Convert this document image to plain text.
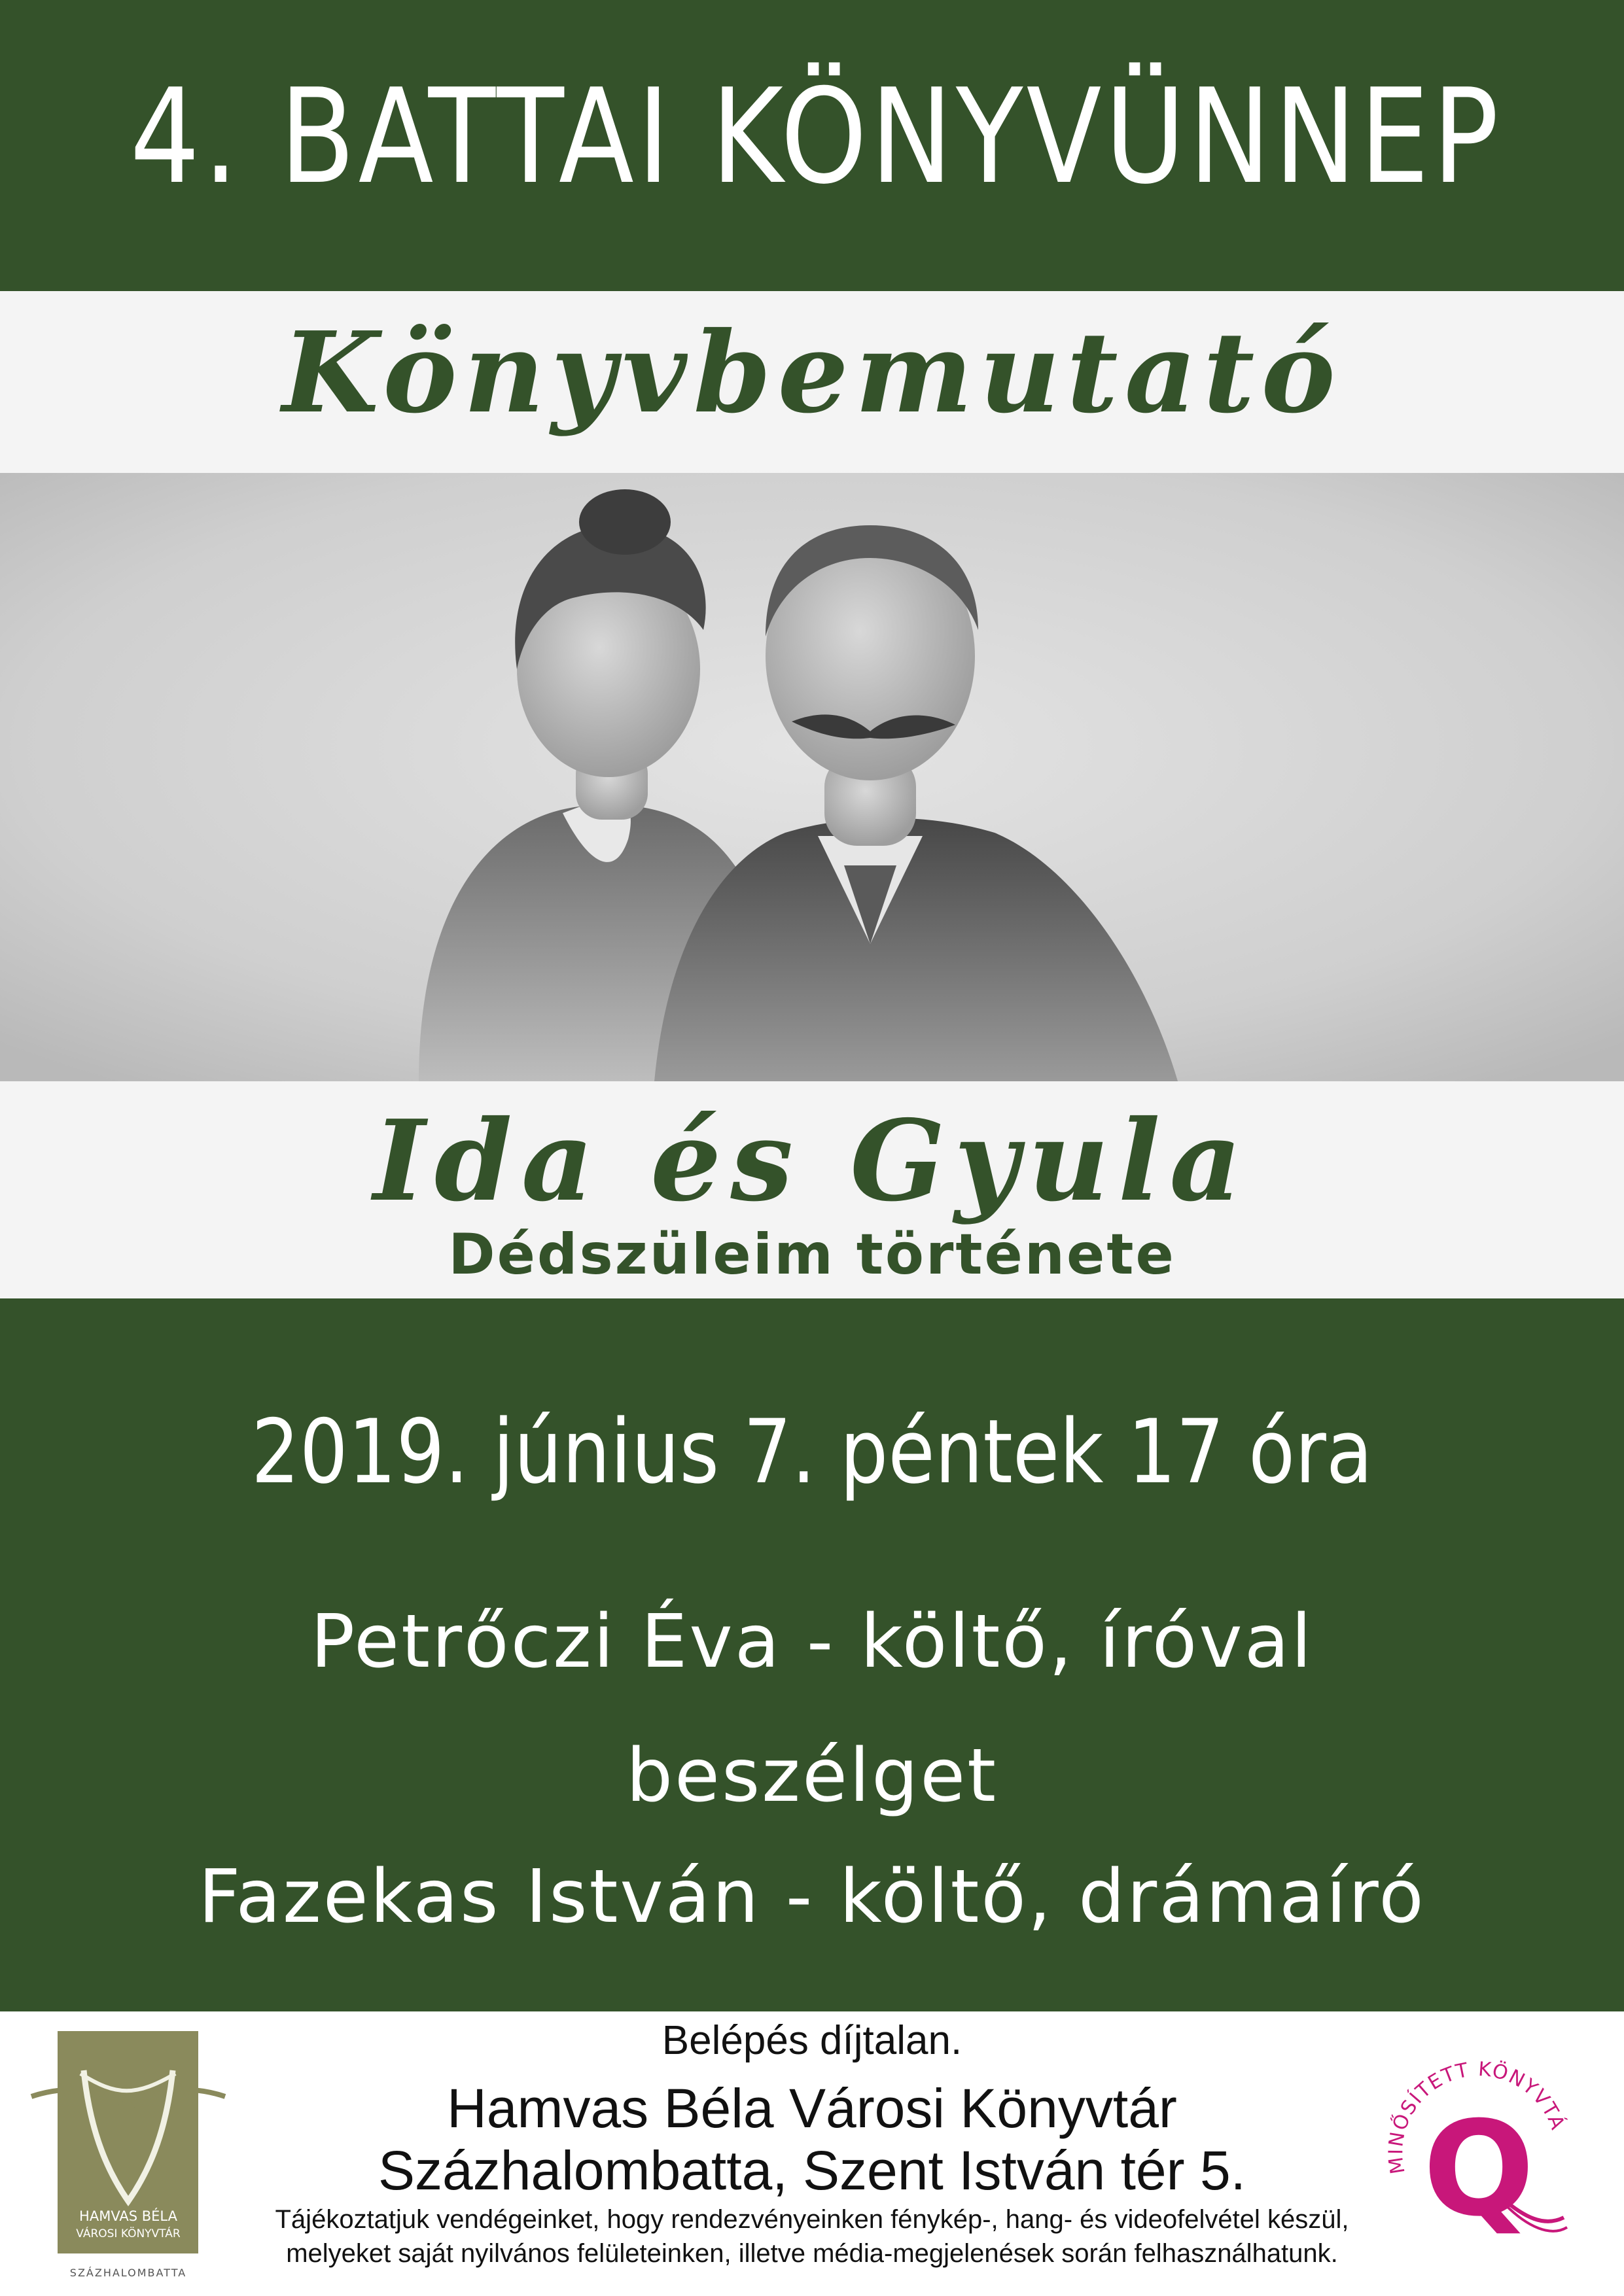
4. BATTAI KÖNYVÜNNEP
Könyvbemutató
Ida és Gyula
Dédszüleim története
2019. június 7. péntek 17 óra
Petrőczi Éva - költő, íróval
beszélget
Fazekas István - költő, drámaíró
HAMVAS BÉLA
VÁROSI KÖNYVTÁR
SZÁZHALOMBATTA
Belépés díjtalan.
Hamvas Béla Városi Könyvtár
Százhalombatta, Szent István tér 5.
Tájékoztatjuk vendégeinket, hogy rendezvényeinken fénykép-, hang- és videofelvétel készül,
melyeket saját nyilvános felületeinken, illetve média-megjelenések során felhasználhatunk.
MINŐSÍTETT KÖNYVTÁ
Q
